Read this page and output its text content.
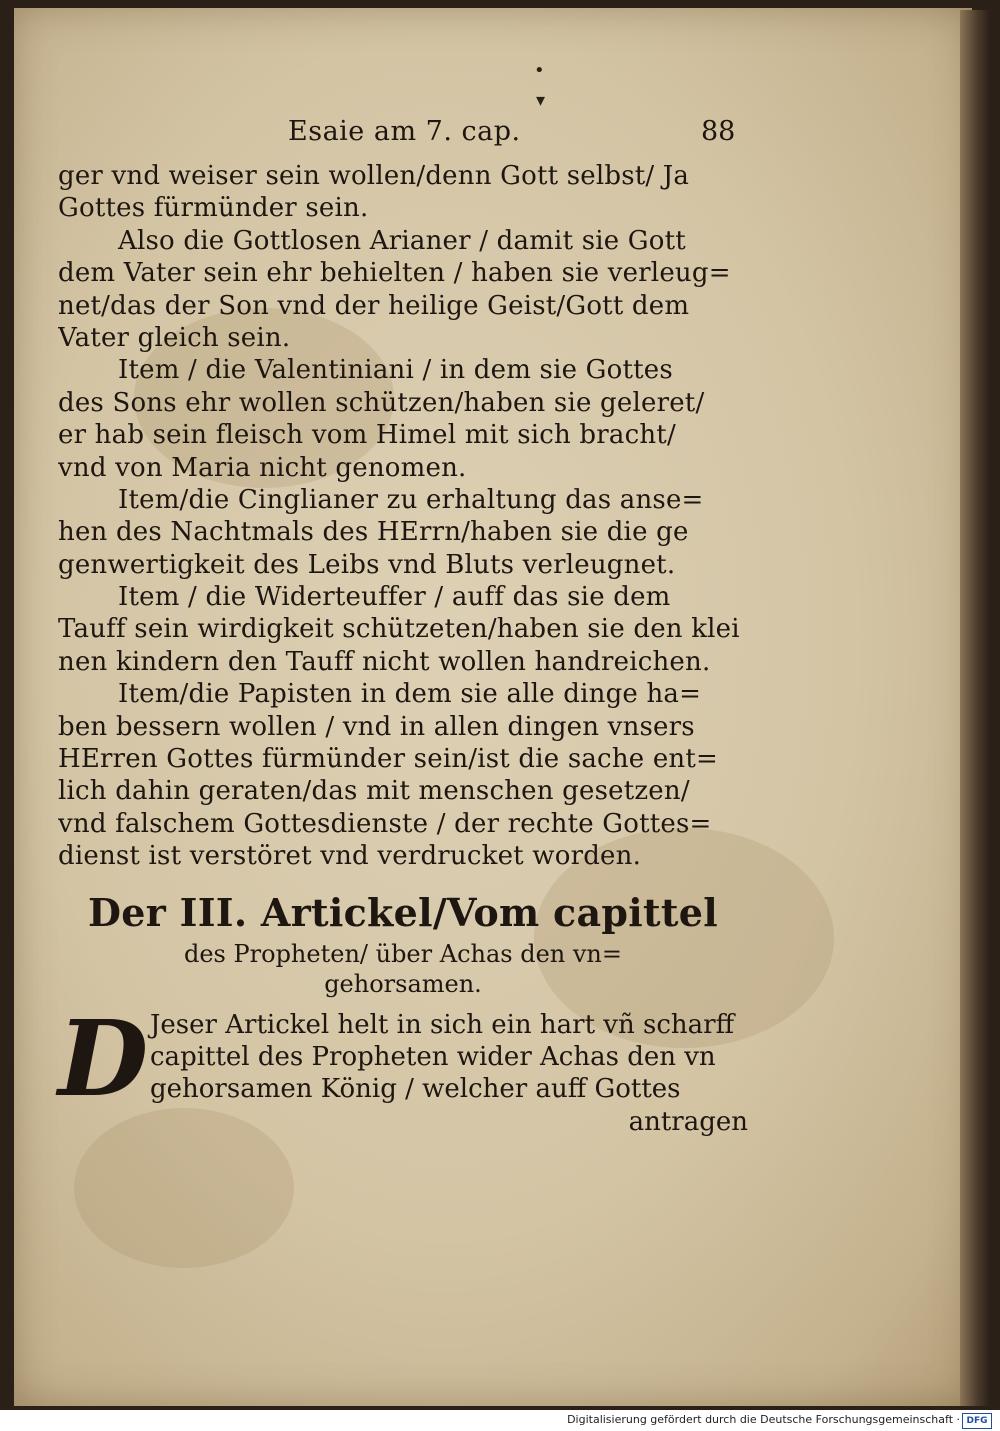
•
▾
Esaie am 7. cap.	88
ger vnd weiser sein wollen/denn Gott selbst/ Ja
Gottes fürmünder sein.
Also die Gottlosen Arianer / damit sie Gott
dem Vater sein ehr behielten / haben sie verleug=
net/das der Son vnd der heilige Geist/Gott dem
Vater gleich sein.
Item / die Valentiniani / in dem sie Gottes
des Sons ehr wollen schützen/haben sie geleret/
er hab sein fleisch vom Himel mit sich bracht/
vnd von Maria nicht genomen.
Item/die Cinglianer zu erhaltung das anse=
hen des Nachtmals des HErrn/haben sie die ge
genwertigkeit des Leibs vnd Bluts verleugnet.
Item / die Widerteuffer / auff das sie dem
Tauff sein wirdigkeit schützeten/haben sie den klei
nen kindern den Tauff nicht wollen handreichen.
Item/die Papisten in dem sie alle dinge ha=
ben bessern wollen / vnd in allen dingen vnsers
HErren Gottes fürmünder sein/ist die sache ent=
lich dahin geraten/das mit menschen gesetzen/
vnd falschem Gottesdienste / der rechte Gottes=
dienst ist verstöret vnd verdrucket worden.
Der III. Artickel/Vom capittel
des Propheten/ über Achas den vn=
gehorsamen.
D Jeser Artickel helt in sich ein hart vñ scharff
capittel des Propheten wider Achas den vn
gehorsamen König / welcher auff Gottes
antragen
Digitalisierung gefördert durch die Deutsche Forschungsgemeinschaft · DFG
